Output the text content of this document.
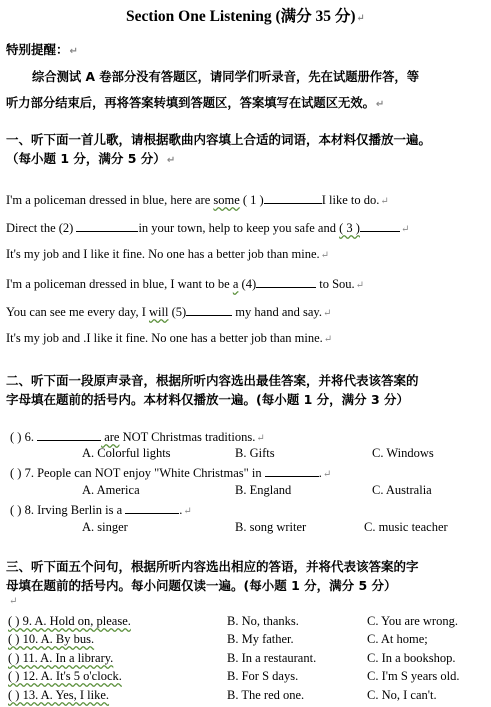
Section One Listening (满分 35 分)↵
特别提醒：↵
综合测试 A 卷部分没有答题区，请同学们听录音，先在试题册作答，等
听力部分结束后，再将答案转填到答题区，答案填写在试题区无效。↵
一、听下面一首儿歌，请根据歌曲内容填上合适的词语，本材料仅播放一遍。
（每小题 1 分，满分 5 分）↵
I'm a policeman dressed in blue, here are some ( 1 )	I like to do.↵
Direct the (2)	in your town, help to keep you safe and ( 3 )	↵
It's my job and I like it fine. No one has a better job than mine.↵
I'm a policeman dressed in blue, I want to be a (4)	to Sou.↵
You can see me every day, I will (5)	my hand and say.↵
It's my job and .I like it fine. No one has a better job than mine.↵
二、听下面一段原声录音，根据所听内容选出最佳答案，并将代表该答案的
字母填在题前的括号内。本材料仅播放一遍。(每小题 1 分，满分 3 分）
( ) 6.	are NOT Christmas traditions.↵
A. Colorful lights	B. Gifts	C. Windows
( ) 7. People can NOT enjoy "White Christmas" in	.↵
A. America	B. England	C. Australia
( ) 8. Irving Berlin is a	.↵
A. singer	B. song writer	C. music teacher
三、听下面五个问句，根据所听内容选出相应的答语，并将代表该答案的字
母填在题前的括号内。每小问题仅读一遍。(每小题 1 分，满分 5 分）
↵
( ) 9. A. Hold on, please.	B. No, thanks.	C. You are wrong.
( ) 10. A. By bus.	B. My father.	C. At home;
( ) 11. A. In a library.	B. In a restaurant.	C. In a bookshop.
( ) 12. A. It's 5 o'clock.	B. For S days.	C. I'm S years old.
( ) 13. A. Yes, I like.	B. The red one.	C. No, I can't.
